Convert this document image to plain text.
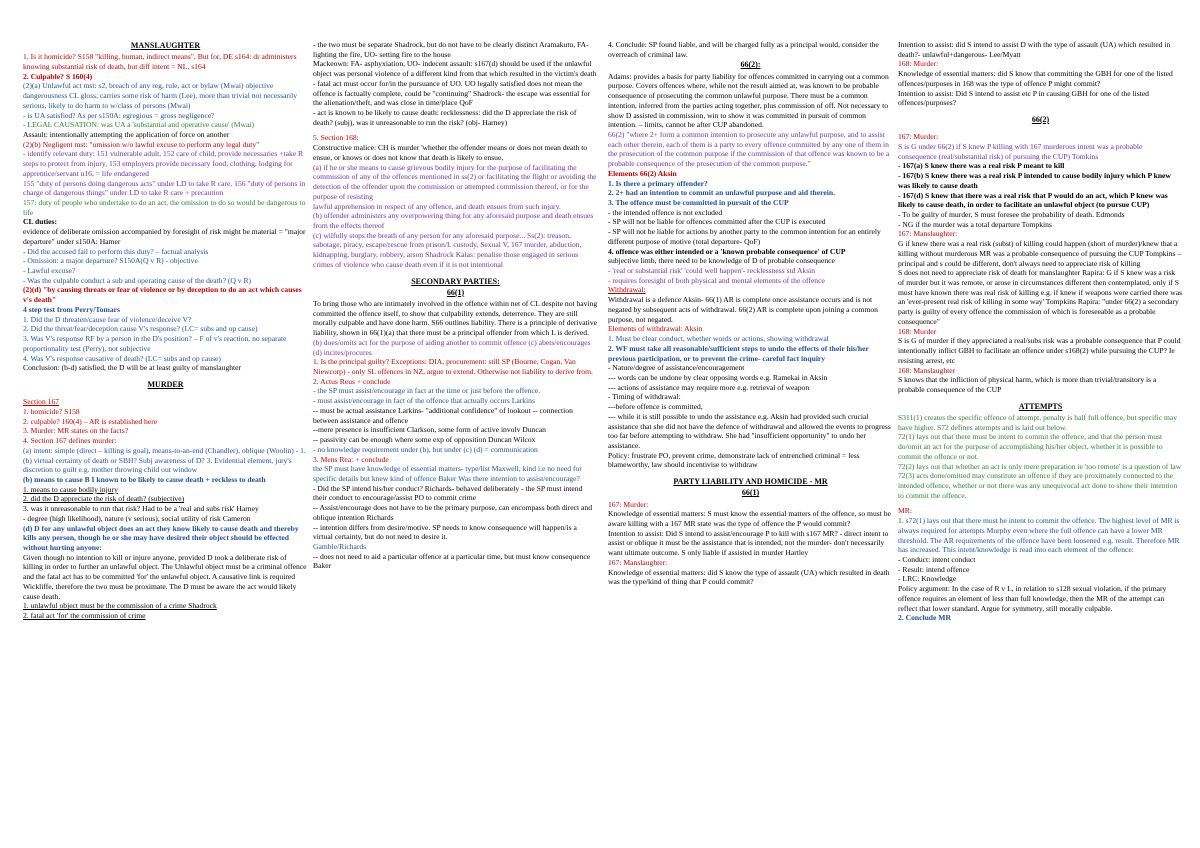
MANSLAUGHTER

1. Is it homicide? S158 "killing, human, indirect means", But for, DE s164: dr administers knowing substantial risk of death, but diff intent = NL, s164

2. Culpable? S 160(4)

(2)(a) Unlawful act mst: s2, breach of any reg, rule, act or bylaw (Mwai) objective dangerousness CL gloss, carries some risk of harm (Lee), more than trivial not necessarily serious, likely to do harm to w/class of persons (Mwai)

- is UA satisfied? As per s150A: egregious = gross negligence?

- LEGAL CAUSATION: was UA a 'substantial and operative cause' (Mwai)

Assault: intentionally attempting the application of force on another

(2)(b) Negligent mst: "omission w/o lawful excuse to perform any legal duty"

- identify relevant duty: 151 vulnerable adult, 152 care of child, provide necessaries +take R steps to protect from injury, 153 employers provide necessary food, clothing, lodging for apprentice/servant u16, = life endangered

155 "duty of persons doing dangerous acts" under LD to take R care, 156 "duty of persons in charge of dangerous things" under LD to take R care + precaution

157: duty of people who undertake to do an act, the omission to do so would be dangerous to life

CL duties:

evidence of deliberate omission accompanied by foresight of risk might be material = "major departure" under s150A: Hamer

- Did the accused fail to perform this duty? – factual analysis

- Omission: a major departure? S150A(Q v R) - objective

- Lawful excuse?

- Was the culpable conduct a sub and operating cause of the death? (Q v R)

(2)(d) "by causing threats or fear of violence or by deception to do an act which causes v's death"

4 step test from Perry/Tomars

1. Did the D threaten/cause fear of violence/deceive V?

2. Did the threat/fear/deception cause V's response? (LC= subs and op cause)

3. Was V's response RF by a person in the D's position? – F of v's reaction, no separate proportionality test (Perry), not subjective

4. Was V's response causative of death? (LC= subs and op cause)

Conclusion: (b-d) satisfied, the D will be at least guilty of manslaughter

MURDER

Section 167

1. homicide? S158

2. culpable? 160(4) – AR is established here

3. Murder: MR states on the facts?

4. Section 167 defines murder:

(a) intent: simple (direct – killing is goal), means-to-an-end (Chandler), oblique (Woolin) - 1. (b) virtual certainty of death or SBH? Subj awareness of D? 3. Evidential element, jury's discretion to guilt e.g. mother throwing child out window

(b) means to cause B I known to be likely to cause death + reckless to death

1. means to cause bodily injury

2. did the D appreciate the risk of death? (subjective)

3. was it unreasonable to run that risk? Had to be a 'real and subs risk' Harney

- degree (high likelihood), nature (v serious), social utility of risk Cameron

(d) D for any unlawful object does an act they know likely to cause death and thereby kills any person, though he or she may have desired their object should be effected without hurting anyone:

Given though no intention to kill or injure anyone, provided D took a deliberate risk of killing in order to further an unlawful object. The Unlawful object must be a criminal offence and the fatal act has to be committed 'for' the unlawful object. A causative link is required Wickliffe, therefore the two must be proximate. The D must be aware the act would likely cause death.

1. unlawful object must be the commission of a crime Shadrock

2. fatal act 'for' the commission of crime

- the two must be separate Shadrock, but do not have to be clearly distinct Aramakutu, FA- lighting the fire, UO- setting fire to the house

Mackeown: FA- asphyxiation, UO- indecent assault: s167(d) should be used if the unlawful object was personal violence of a different kind from that which resulted in the victim's death

- fatal act must occur for/in the pursuance of UO. UO legally satisfied does not mean the offence is factually complete, could be "continuing" Shadrock- the escape was essential for the alienation/theft, and was close in time/place QoF

- act is known to be likely to cause death: recklessness: did the D appreciate the risk of death? (subj), was it unreasonable to run the risk? (obj- Harney)

5. Section 168:

Constructive malice: CH is murder 'whether the offender means or does not mean death to ensue, or knows or does not know that death is likely to ensue,

(a) if he or she means to cause grievous bodily injury for the purpose of facilitating the commission of any of the offences mentioned in ss(2) or facilitating the flight or avoiding the detection of the offender upon the commission or attempted commission thereof, or for the purpose of resisting

lawful apprehension in respect of any offence, and death ensues from such injury.

(b) offender administers any overpowering thing for any aforesaid purpose and death ensues from the effects thereof

(c) wilfully stops the breath of any person for any aforesaid purpose... Ss(2): treason, sabotage, piracy, escape/rescue from prison/L custody, Sexual V, 167 murder, abduction, kidnapping, burglary, robbery, arson Shadrock Kalas: penalise those engaged in serious crimes of violence who cause death even if it is not intentional

SECONDARY PARTIES:

66(1)

To bring those who are intimately involved in the offence within net of CL despite not having committed the offence itself, to show that culpability extends, deterrence. They are still morally culpable and have done harm. S66 outlines liability. There is a principle of derivative liability, shown in 66(1)(a) that there must be a principal offender from which L is derived.

(b) does/omits act for the purpose of aiding another to commit offence (c) abets/encourages (d) incites/procures

1. Is the principal guilty? Exceptions: DIA, procurement: still SP (Bourne, Cogan, Van Niewcorp) - only SL offences in NZ, argue to extend. Otherwise not liability to derive from.

2. Actus Reus + conclude

- the SP must assist/encourage in fact at the time or just before the offence.

- must assist/encourage in fact of the offence that actually occurs Larkins

-- must be actual assistance Larkins- "additional confidence" of lookout -- connection between assistance and offence

--mere presence is insufficient Clarkson, some form of active involv Duncan

-- passivity can be enough where some exp of opposition Duncan Wilcox

- no knowledge requirement under (b), but under (c) (d) = communication

3. Mens Rea: + conclude

the SP must have knowledge of essential matters- type/list Maxwell, kind i.e no need for specific details but knew kind of offence Baker Was there intention to assist/encourage?

- Did the SP intend his/her conduct? Richards- behaved deliberately - the SP must intend their conduct to encourage/assist PO to commit crime

-- Assist/encourage does not have to be the primary purpose, can encompass both direct and oblique intention Richards

-- intention differs from desire/motive. SP needs to know consequence will happen/is a virtual certainty, but do not need to desire it.

Gamble/Richards

-- does not need to aid a particular offence at a particular time, but must know consequence Baker

4. Conclude: SP found liable, and will be charged fully as a principal would, consider the overreach of criminal law.

66(2):

Adams: provides a basis for party liability for offences committed in carrying out a common purpose. Covers offences where, while not the result aimed at, was known to be probable consequence of prosecuting the common unlawful purpose. There must be a common intention, inferred from the parties acting together, plus commission of off. Not necessary to show D assisted in commission, win to show it was committed in pursuit of common intention. – limits, cannot be after CUP abandoned.

66(2) "where 2+ form a common intention to prosecute any unlawful purpose, and to assist each other therein, each of them is a party to every offence committed by any one of them in the prosecution of the common purpose if the commission of that offence was known to be a probable consequence of the prosecution of the common purpose."

Elements 66(2) Aksin

1. Is there a primary offender?

2. 2+ had an intention to commit an unlawful purpose and aid therein.

3. The offence must be committed in pursuit of the CUP

- the intended offence is not excluded

- SP will not be liable for offences committed after the CUP is executed

- SP will not be liable for actions by another party to the common intention for an entirely different purpose of motive (total departure- QoF)

4. offence was either intended or a 'known probable consequence' of CUP

subjective limb, there need to be knowledge of D of probable consequence

- 'real or substantial risk' 'could well happen'- recklessness std Aksin

- requires foresight of both physical and mental elements of the offence

Withdrawal:

Withdrawal is a defence Aksin- 66(1) AR is complete once assistance occurs and is not negated by subsequent acts of withdrawal. 66(2) AR is complete upon joining a common purpose, not negated.

Elements of withdrawal: Aksin

1. Must be clear conduct, whether words or actions, showing withdrawal

2. WF must take all reasonable/sufficient steps to undo the effects of their his/her previous participation, or to prevent the crime- careful fact inquiry

- Nature/degree of assistance/encouragement

--- words can be undone by clear opposing words e.g. Ramekai in Aksin

--- actions of assistance may require more e.g. retrieval of weapon

- Timing of withdrawal:

---before offence is committed,

--- while it is still possible to undo the assistance e.g. Aksin had provided such crucial assistance that she did not have the defence of withdrawal and allowed the events to progress too far before attempting to withdraw. She had "insufficient opportunity" to undo her assistance.

Policy: frustrate PO, prevent crime, demonstrate lack of entrenched criminal = less blameworthy, law should incentivise to withdraw

PARTY LIABILITY AND HOMICIDE - MR

66(1)

167: Murder:

Knowledge of essential matters: S must know the essential matters of the offence, so must be aware killing with a 167 MR state was the type of offence the P would commit?

Intention to assist: Did S intend to assist/encourage P to kill with s167 MR? - direct intent to assist or oblique it must be the assistance that is intended, not the murder- don't necessarily want ultimate outcome. S only liable if assisted in murder Hartley

167: Manslaughter:

Knowledge of essential matters: did S know the type of assault (UA) which resulted in death was the type/kind of thing that P could commit?

Intention to assist: did S intend to assist D with the type of assault (UA) which resulted in death?- unlawful+dangerous- Lee/Myatt

168: Murder:

Knowledge of essential matters: did S know that committing the GBH for one of the listed offences/purposes in 168 was the type of offence P might commit?

Intention to assist: Did S intend to assist etc P in causing GBH for one of the listed offences/purposes?

66(2)

167: Murder:

S is G under 66(2) if S knew P killing with 167 murderous intent was a probable consequence (real/substantial risk) of pursuing the CUP) Tomkins

- 167(a) S knew there was a real risk P meant to kill

- 167(b) S knew there was a real risk P intended to cause bodily injury which P knew was likely to cause death

- 167(d) S knew that there was a real risk that P would do an act, which P knew was likely to cause death, in order to facilitate an unlawful object (to pursue CUP)

- To be guilty of murder, S must foresee the probability of death. Edmonds

- NG if the murder was a total departure Tompkins

167: Manslaughter:

G if knew there was a real risk (subst) of killing could happen (short of murder)/knew that a killing without murderous MR was a probable consequence of pursuing the CUP Tompkins – principal and s could be different, don't always need to appreciate risk of killing

S does not need to appreciate risk of death for manslaughter Rapira: G if S knew was a risk of murder but it was remote, or arose in circumstances different then contemplated, only if S must have known there was real risk of killing e.g. if knew if weapons were carried there was an 'ever-present real risk of killing in some way' Tompkins Rapira: "under 66(2) a secondary party is guilty of every offence the commission of which is foreseeable as a probable consequence"

168: Murder

S is G of murder if they appreciated a real/subs risk was a probable consequence that P could intentionally inflict GBH to facilitate an offence under s168(2) while pursuing the CUP? Ie resisting arrest, etc

168: Manslaughter

S knows that the infliction of physical harm, which is more than trivial/transitory is a probable consequence of the CUP

ATTEMPTS

S311(1) creates the specific offence of attempt, penalty is half full offence, but specific may have higher. S72 defines attempts and is laid out below.

72(1) lays out that there must be intent to commit the offence, and that the person must do/omit an act for the purpose of accomplishing his/her object, whether it is possible to commit the offence or not.

72(2) lays out that whether an act is only mere preparation ie 'too remote' is a question of law

72(3) acts done/omitted may constitute an offence if they are proximately connected to the intended offence, whether or not there was any unequivocal act done to show their intention to commit the offence.

MR:

1. s72(1) lays out that there must be intent to commit the offence. The highest level of MR is always required for attempts Murphy even where the full offence can have a lower MR threshold. The AR requirements of the offence have been loosened e.g. result. Therefore MR has increased. This intent/knowledge is read into each element of the offence:

- Conduct: intent conduct

- Result: intend offence

- LRC: Knowledge

Policy argument: In the case of R v L, in relation to s128 sexual violation, if the primary offence requires an element of less than full knowledge, then the MR of the attempt can reflect that lower standard. Argue for symmetry, still morally culpable.

2. Conclude MR
